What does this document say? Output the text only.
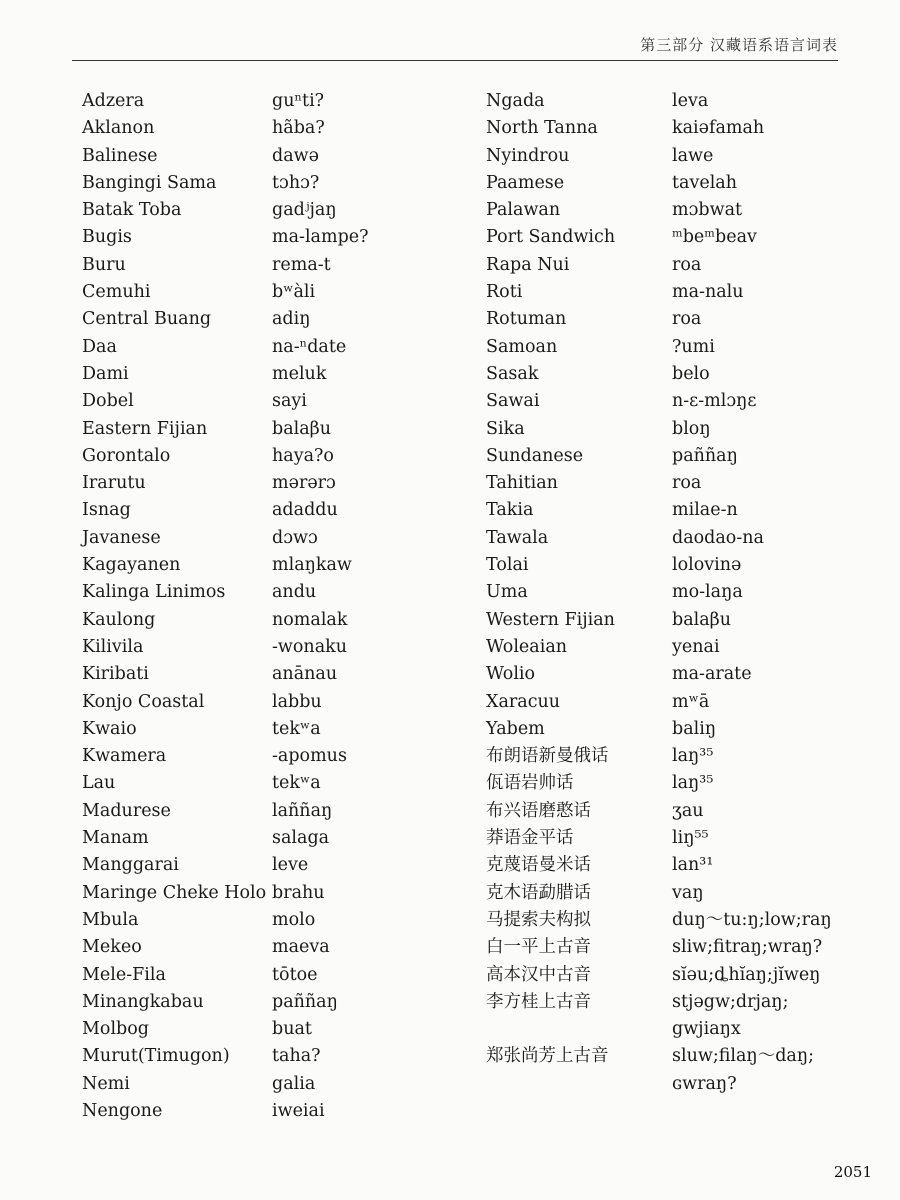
第三部分 汉藏语系语言词表
Adzera
Aklanon
Balinese
Bangingi Sama
Batak Toba
Bugis
Buru
Cemuhi
Central Buang
Daa
Dami
Dobel
Eastern Fijian
Gorontalo
Irarutu
Isnag
Javanese
Kagayanen
Kalinga Linimos
Kaulong
Kilivila
Kiribati
Konjo Coastal
Kwaio
Kwamera
Lau
Madurese
Manam
Manggarai
Maringe Cheke Holo
Mbula
Mekeo
Mele-Fila
Minangkabau
Molbog
Murut(Timugon)
Nemi
Nengone
guⁿti?
hãba?
dawə
tɔhɔ?
gadʲjaŋ
ma-lampe?
rema-t
bʷàli
adiŋ
na-ⁿdate
meluk
sayi
balaβu
haya?o
mərərɔ
adaddu
dɔwɔ
mlaŋkaw
andu
nomalak
-wonaku
anānau
labbu
tekʷa
-apomus
tekʷa
laññaŋ
salaga
leve
brahu
molo
maeva
tōtoe
paññaŋ
buat
taha?
galia
iweiai
Ngada
North Tanna
Nyindrou
Paamese
Palawan
Port Sandwich
Rapa Nui
Roti
Rotuman
Samoan
Sasak
Sawai
Sika
Sundanese
Tahitian
Takia
Tawala
Tolai
Uma
Western Fijian
Woleaian
Wolio
Xaracuu
Yabem
布朗语新曼俄话
佤语岩帅话
布兴语磨憨话
莽语金平话
克蔑语曼米话
克木语勐腊话
马提索夫构拟
白一平上古音
高本汉中古音
李方桂上古音
郑张尚芳上古音
leva
kaiəfamah
lawe
tavelah
mɔbwat
ᵐbeᵐbeav
roa
ma-nalu
roa
?umi
belo
n-ɛ-mlɔŋɛ
bloŋ
paññaŋ
roa
milae-n
daodao-na
lolovinə
mo-laŋa
balaβu
yenai
ma-arate
mʷā
baliŋ
laŋ³⁵
laŋ³⁵
ʒau
liŋ⁵⁵
lan³¹
vaŋ
duŋ～tu:ŋ;low;raŋ
sliw;fitraŋ;wraŋ?
sĭəu;ȡhĭaŋ;jĭweŋ
stjəgw;drjaŋ;
gwjiaŋx
sluw;filaŋ～daŋ;
ɢwraŋ?
2051
